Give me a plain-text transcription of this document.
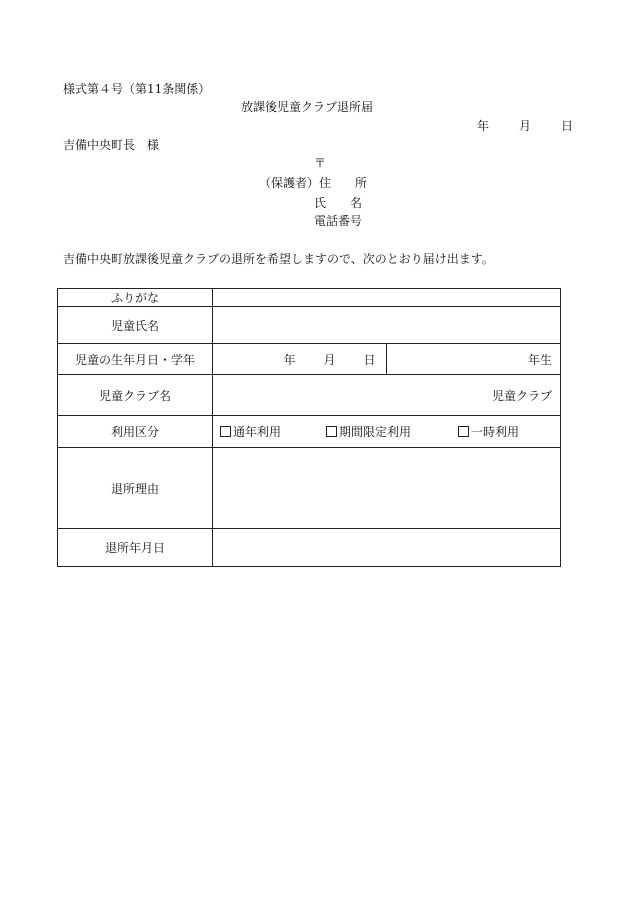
様式第４号（第11条関係）
放課後児童クラブ退所届
年	月	日
吉備中央町長 様
〒
（保護者）住　　所
氏　　名
電話番号
吉備中央町放課後児童クラブの退所を希望しますので、次のとおり届け出ます。
ふりがな		
児童氏名		
児童の生年月日・学年	年 月 日	年生
児童クラブ名	児童クラブ	
利用区分	通年利用 期間限定利用 一時利用	
退所理由		
退所年月日		
